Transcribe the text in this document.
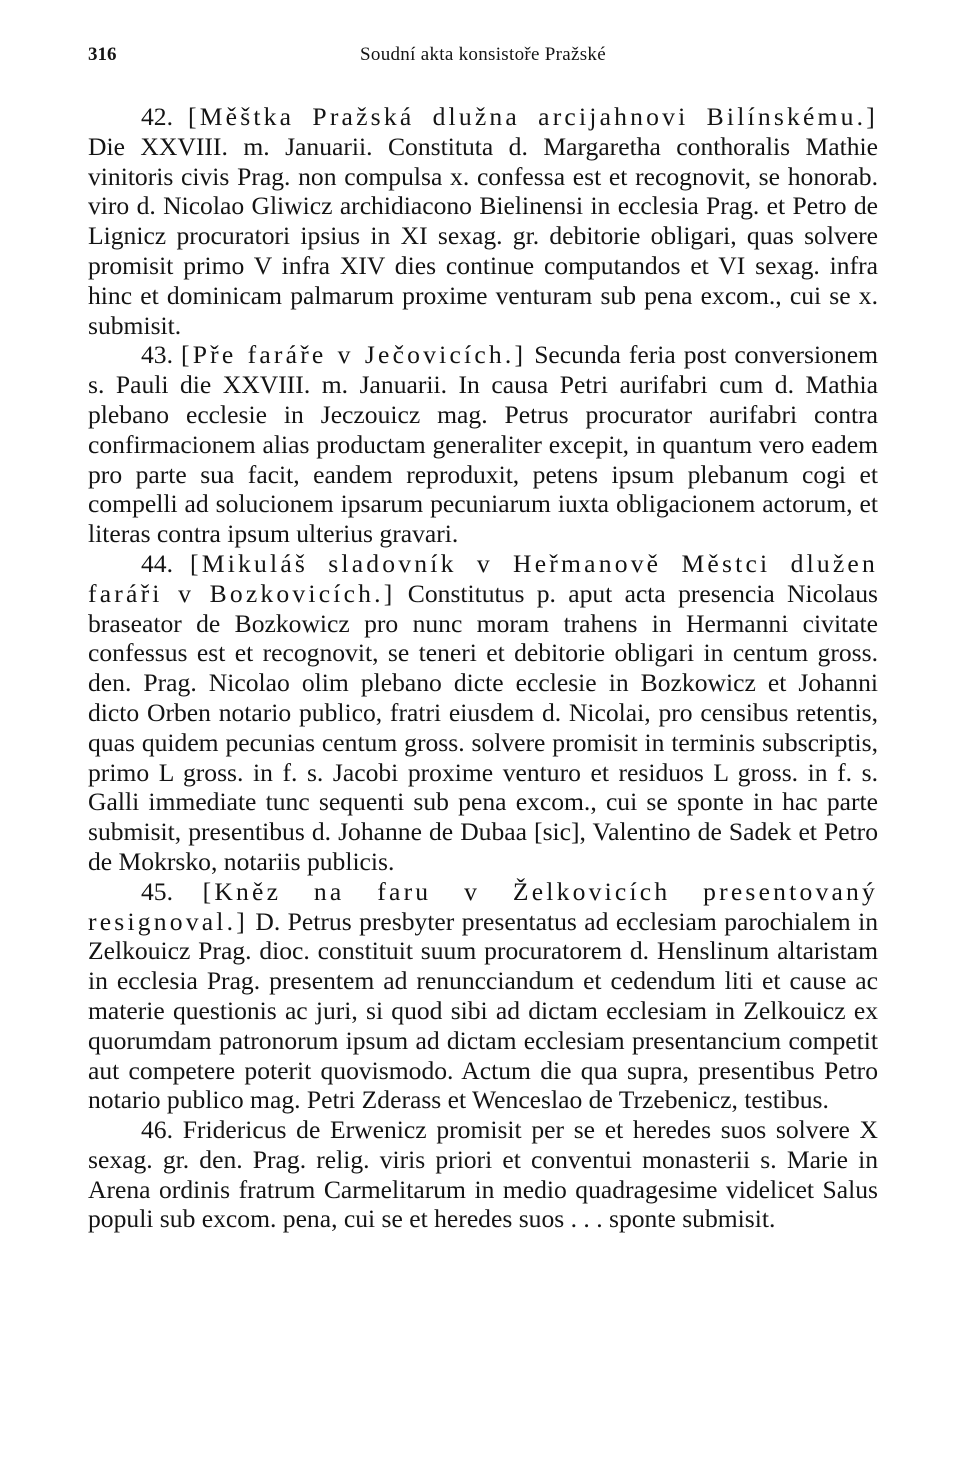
316	Soudní akta konsistoře Pražské

42. [Měštka Pražská dlužna arcijahnovi Bilínskému.] Die XXVIII. m. Januarii. Constituta d. Margaretha conthoralis Mathie vinitoris civis Prag. non compulsa x. confessa est et recognovit, se honorab. viro d. Nicolao Gliwicz archidiacono Bielinensi in ecclesia Prag. et Petro de Lignicz procuratori ipsius in XI sexag. gr. debitorie obligari, quas solvere promisit primo V infra XIV dies continue computandos et VI sexag. infra hinc et dominicam palmarum proxime venturam sub pena excom., cui se x. submisit.

43. [Pře faráře v Ječovicích.] Secunda feria post conversionem s. Pauli die XXVIII. m. Januarii. In causa Petri aurifabri cum d. Mathia plebano ecclesie in Jeczouicz mag. Petrus procurator aurifabri contra confirmacionem alias productam generaliter excepit, in quantum vero eadem pro parte sua facit, eandem reproduxit, petens ipsum plebanum cogi et compelli ad solucionem ipsarum pecuniarum iuxta obligacionem actorum, et literas contra ipsum ulterius gravari.

44. [Mikuláš sladovník v Heřmanově Městci dlužen faráři v Bozkovicích.] Constitutus p. aput acta presencia Nicolaus braseator de Bozkowicz pro nunc moram trahens in Hermanni civitate confessus est et recognovit, se teneri et debitorie obligari in centum gross. den. Prag. Nicolao olim plebano dicte ecclesie in Bozkowicz et Johanni dicto Orben notario publico, fratri eiusdem d. Nicolai, pro censibus retentis, quas quidem pecunias centum gross. solvere promisit in terminis subscriptis, primo L gross. in f. s. Jacobi proxime venturo et residuos L gross. in f. s. Galli immediate tunc sequenti sub pena excom., cui se sponte in hac parte submisit, presentibus d. Johanne de Dubaa [sic], Valentino de Sadek et Petro de Mokrsko, notariis publicis.

45. [Kněz na faru v Želkovicích presentovaný resignoval.] D. Petrus presbyter presentatus ad ecclesiam parochialem in Zelkouicz Prag. dioc. constituit suum procuratorem d. Henslinum altaristam in ecclesia Prag. presentem ad renuncciandum et cedendum liti et cause ac materie questionis ac juri, si quod sibi ad dictam ecclesiam in Zelkouicz ex quorumdam patronorum ipsum ad dictam ecclesiam presentancium competit aut competere poterit quovismodo. Actum die qua supra, presentibus Petro notario publico mag. Petri Zderass et Wenceslao de Trzebenicz, testibus.

46. Fridericus de Erwenicz promisit per se et heredes suos solvere X sexag. gr. den. Prag. relig. viris priori et conventui monasterii s. Marie in Arena ordinis fratrum Carmelitarum in medio quadragesime videlicet Salus populi sub excom. pena, cui se et heredes suos . . . sponte submisit.
